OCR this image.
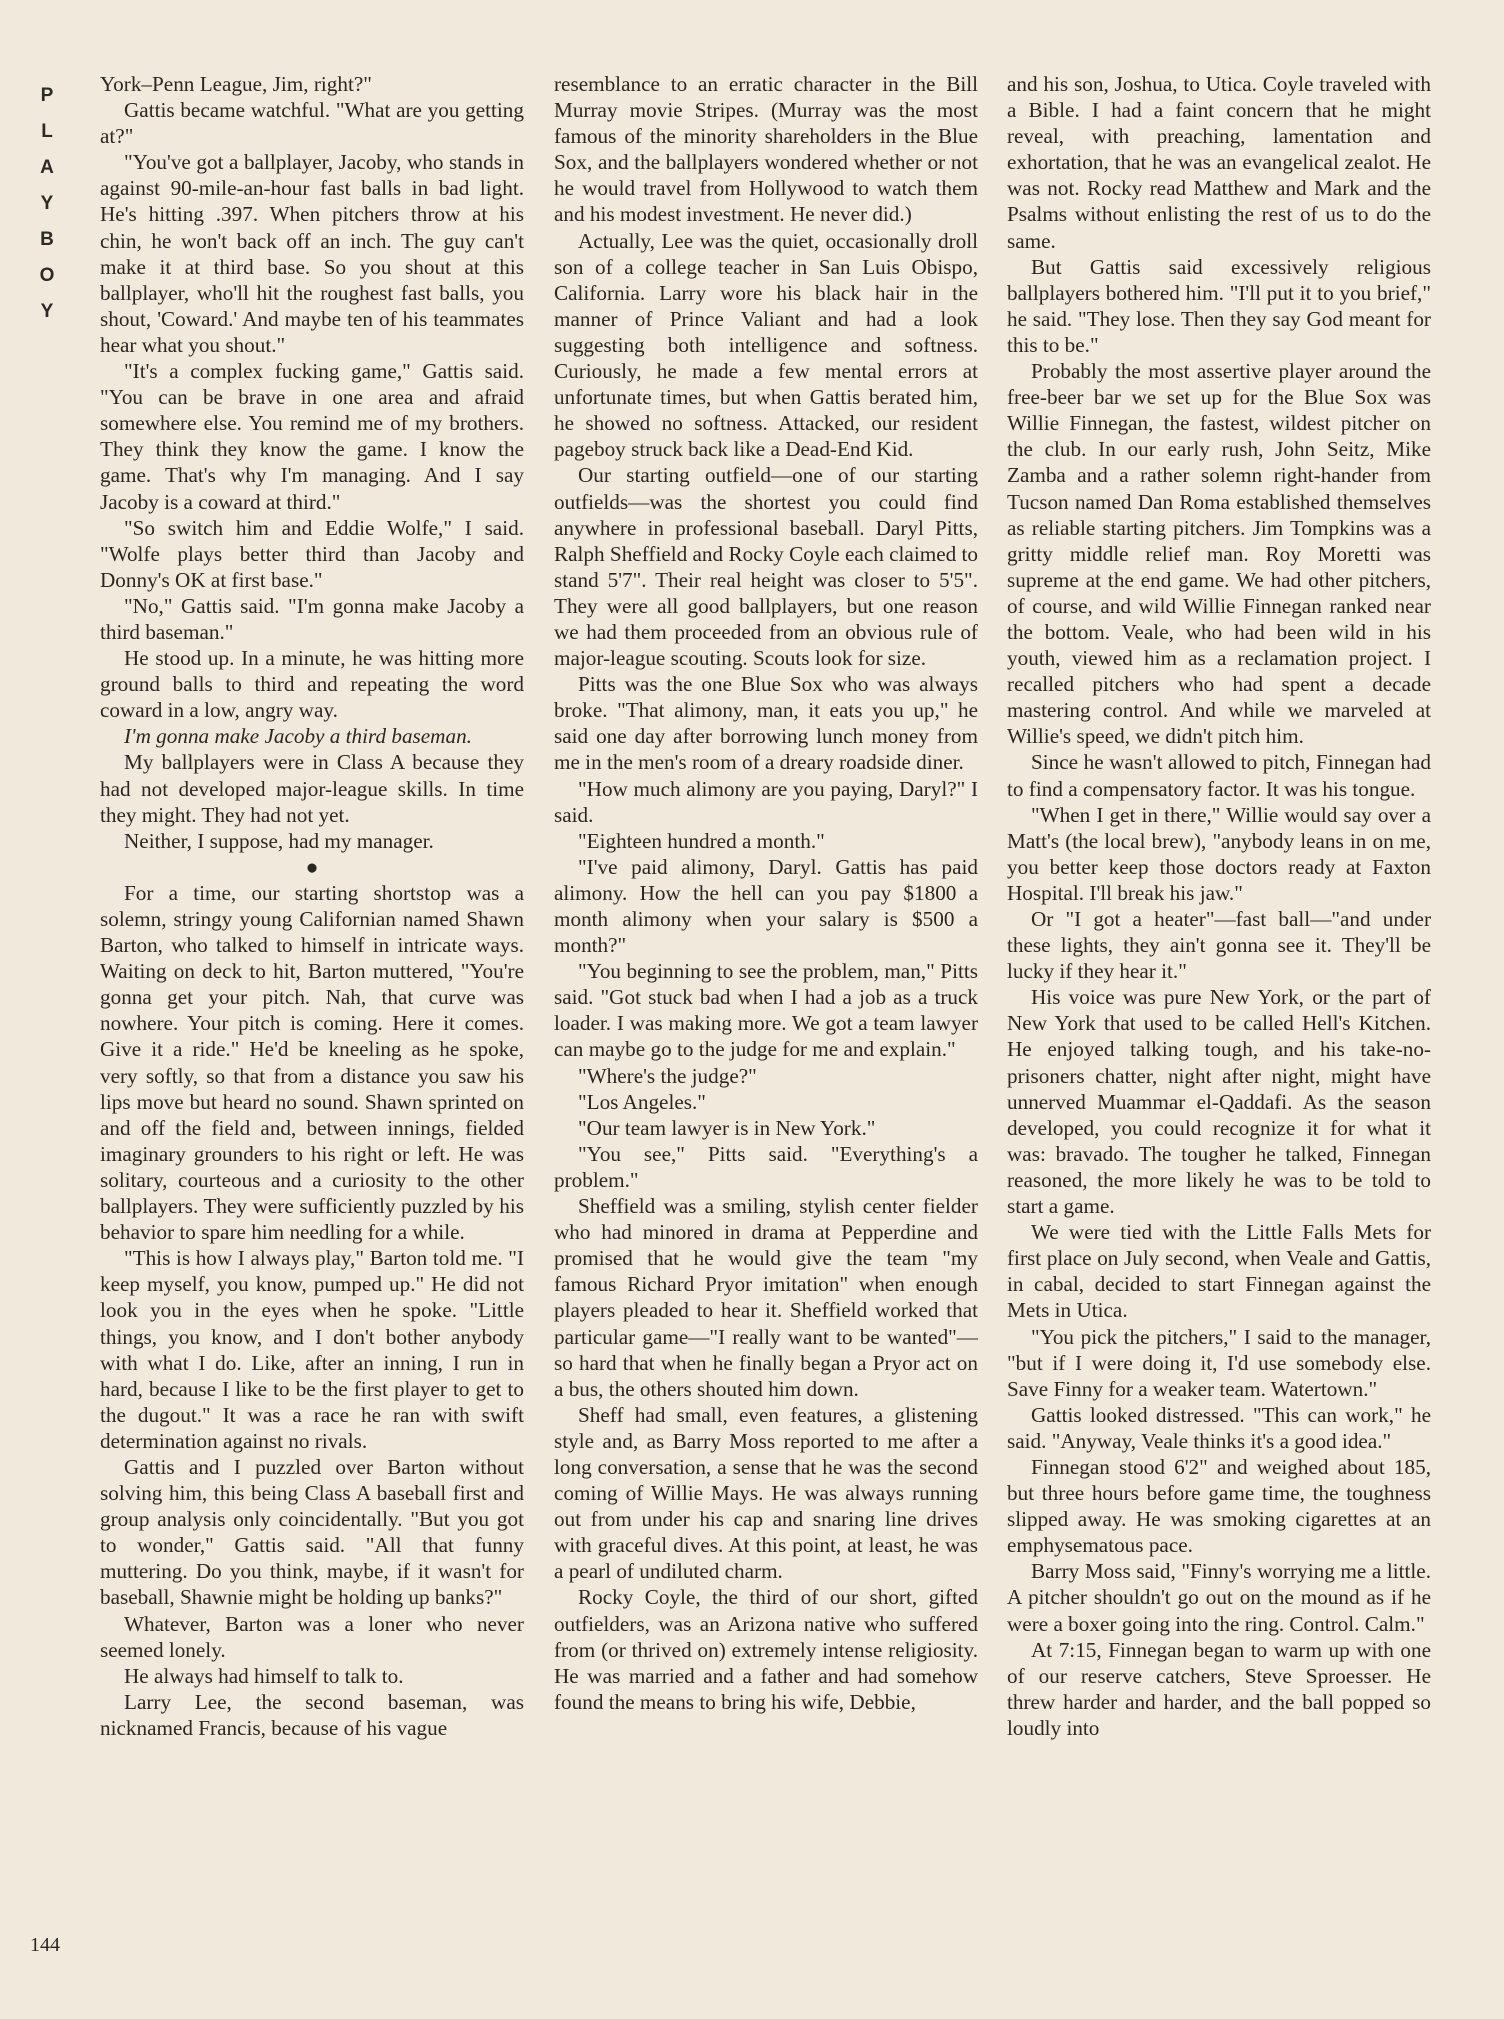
P
L
A
Y
B
O
Y

York–Penn League, Jim, right?"

Gattis became watchful. "What are you getting at?"

"You've got a ballplayer, Jacoby, who stands in against 90-mile-an-hour fast balls in bad light. He's hitting .397. When pitchers throw at his chin, he won't back off an inch. The guy can't make it at third base. So you shout at this ballplayer, who'll hit the roughest fast balls, you shout, 'Coward.' And maybe ten of his teammates hear what you shout."

"It's a complex fucking game," Gattis said. "You can be brave in one area and afraid somewhere else. You remind me of my brothers. They think they know the game. I know the game. That's why I'm managing. And I say Jacoby is a coward at third."

"So switch him and Eddie Wolfe," I said. "Wolfe plays better third than Jacoby and Donny's OK at first base."

"No," Gattis said. "I'm gonna make Jacoby a third baseman."

He stood up. In a minute, he was hitting more ground balls to third and repeating the word coward in a low, angry way.

I'm gonna make Jacoby a third baseman.

My ballplayers were in Class A because they had not developed major-league skills. In time they might. They had not yet.

Neither, I suppose, had my manager.

●

For a time, our starting shortstop was a solemn, stringy young Californian named Shawn Barton, who talked to himself in intricate ways. Waiting on deck to hit, Barton muttered, "You're gonna get your pitch. Nah, that curve was nowhere. Your pitch is coming. Here it comes. Give it a ride." He'd be kneeling as he spoke, very softly, so that from a distance you saw his lips move but heard no sound. Shawn sprinted on and off the field and, between innings, fielded imaginary grounders to his right or left. He was solitary, courteous and a curiosity to the other ballplayers. They were sufficiently puzzled by his behavior to spare him needling for a while.

"This is how I always play," Barton told me. "I keep myself, you know, pumped up." He did not look you in the eyes when he spoke. "Little things, you know, and I don't bother anybody with what I do. Like, after an inning, I run in hard, because I like to be the first player to get to the dugout." It was a race he ran with swift determination against no rivals.

Gattis and I puzzled over Barton without solving him, this being Class A baseball first and group analysis only coincidentally. "But you got to wonder," Gattis said. "All that funny muttering. Do you think, maybe, if it wasn't for baseball, Shawnie might be holding up banks?"

Whatever, Barton was a loner who never seemed lonely.

He always had himself to talk to.

Larry Lee, the second baseman, was nicknamed Francis, because of his vague

resemblance to an erratic character in the Bill Murray movie Stripes. (Murray was the most famous of the minority shareholders in the Blue Sox, and the ballplayers wondered whether or not he would travel from Hollywood to watch them and his modest investment. He never did.)

Actually, Lee was the quiet, occasionally droll son of a college teacher in San Luis Obispo, California. Larry wore his black hair in the manner of Prince Valiant and had a look suggesting both intelligence and softness. Curiously, he made a few mental errors at unfortunate times, but when Gattis berated him, he showed no softness. Attacked, our resident pageboy struck back like a Dead-End Kid.

Our starting outfield—one of our starting outfields—was the shortest you could find anywhere in professional baseball. Daryl Pitts, Ralph Sheffield and Rocky Coyle each claimed to stand 5'7". Their real height was closer to 5'5". They were all good ballplayers, but one reason we had them proceeded from an obvious rule of major-league scouting. Scouts look for size.

Pitts was the one Blue Sox who was always broke. "That alimony, man, it eats you up," he said one day after borrowing lunch money from me in the men's room of a dreary roadside diner.

"How much alimony are you paying, Daryl?" I said.

"Eighteen hundred a month."

"I've paid alimony, Daryl. Gattis has paid alimony. How the hell can you pay $1800 a month alimony when your salary is $500 a month?"

"You beginning to see the problem, man," Pitts said. "Got stuck bad when I had a job as a truck loader. I was making more. We got a team lawyer can maybe go to the judge for me and explain."

"Where's the judge?"

"Los Angeles."

"Our team lawyer is in New York."

"You see," Pitts said. "Everything's a problem."

Sheffield was a smiling, stylish center fielder who had minored in drama at Pepperdine and promised that he would give the team "my famous Richard Pryor imitation" when enough players pleaded to hear it. Sheffield worked that particular game—"I really want to be wanted"—so hard that when he finally began a Pryor act on a bus, the others shouted him down.

Sheff had small, even features, a glistening style and, as Barry Moss reported to me after a long conversation, a sense that he was the second coming of Willie Mays. He was always running out from under his cap and snaring line drives with graceful dives. At this point, at least, he was a pearl of undiluted charm.

Rocky Coyle, the third of our short, gifted outfielders, was an Arizona native who suffered from (or thrived on) extremely intense religiosity. He was married and a father and had somehow found the means to bring his wife, Debbie,

and his son, Joshua, to Utica. Coyle traveled with a Bible. I had a faint concern that he might reveal, with preaching, lamentation and exhortation, that he was an evangelical zealot. He was not. Rocky read Matthew and Mark and the Psalms without enlisting the rest of us to do the same.

But Gattis said excessively religious ballplayers bothered him. "I'll put it to you brief," he said. "They lose. Then they say God meant for this to be."

Probably the most assertive player around the free-beer bar we set up for the Blue Sox was Willie Finnegan, the fastest, wildest pitcher on the club. In our early rush, John Seitz, Mike Zamba and a rather solemn right-hander from Tucson named Dan Roma established themselves as reliable starting pitchers. Jim Tompkins was a gritty middle relief man. Roy Moretti was supreme at the end game. We had other pitchers, of course, and wild Willie Finnegan ranked near the bottom. Veale, who had been wild in his youth, viewed him as a reclamation project. I recalled pitchers who had spent a decade mastering control. And while we marveled at Willie's speed, we didn't pitch him.

Since he wasn't allowed to pitch, Finnegan had to find a compensatory factor. It was his tongue.

"When I get in there," Willie would say over a Matt's (the local brew), "anybody leans in on me, you better keep those doctors ready at Faxton Hospital. I'll break his jaw."

Or "I got a heater"—fast ball—"and under these lights, they ain't gonna see it. They'll be lucky if they hear it."

His voice was pure New York, or the part of New York that used to be called Hell's Kitchen. He enjoyed talking tough, and his take-no-prisoners chatter, night after night, might have unnerved Muammar el-Qaddafi. As the season developed, you could recognize it for what it was: bravado. The tougher he talked, Finnegan reasoned, the more likely he was to be told to start a game.

We were tied with the Little Falls Mets for first place on July second, when Veale and Gattis, in cabal, decided to start Finnegan against the Mets in Utica.

"You pick the pitchers," I said to the manager, "but if I were doing it, I'd use somebody else. Save Finny for a weaker team. Watertown."

Gattis looked distressed. "This can work," he said. "Anyway, Veale thinks it's a good idea."

Finnegan stood 6'2" and weighed about 185, but three hours before game time, the toughness slipped away. He was smoking cigarettes at an emphysematous pace.

Barry Moss said, "Finny's worrying me a little. A pitcher shouldn't go out on the mound as if he were a boxer going into the ring. Control. Calm."

At 7:15, Finnegan began to warm up with one of our reserve catchers, Steve Sproesser. He threw harder and harder, and the ball popped so loudly into

144
